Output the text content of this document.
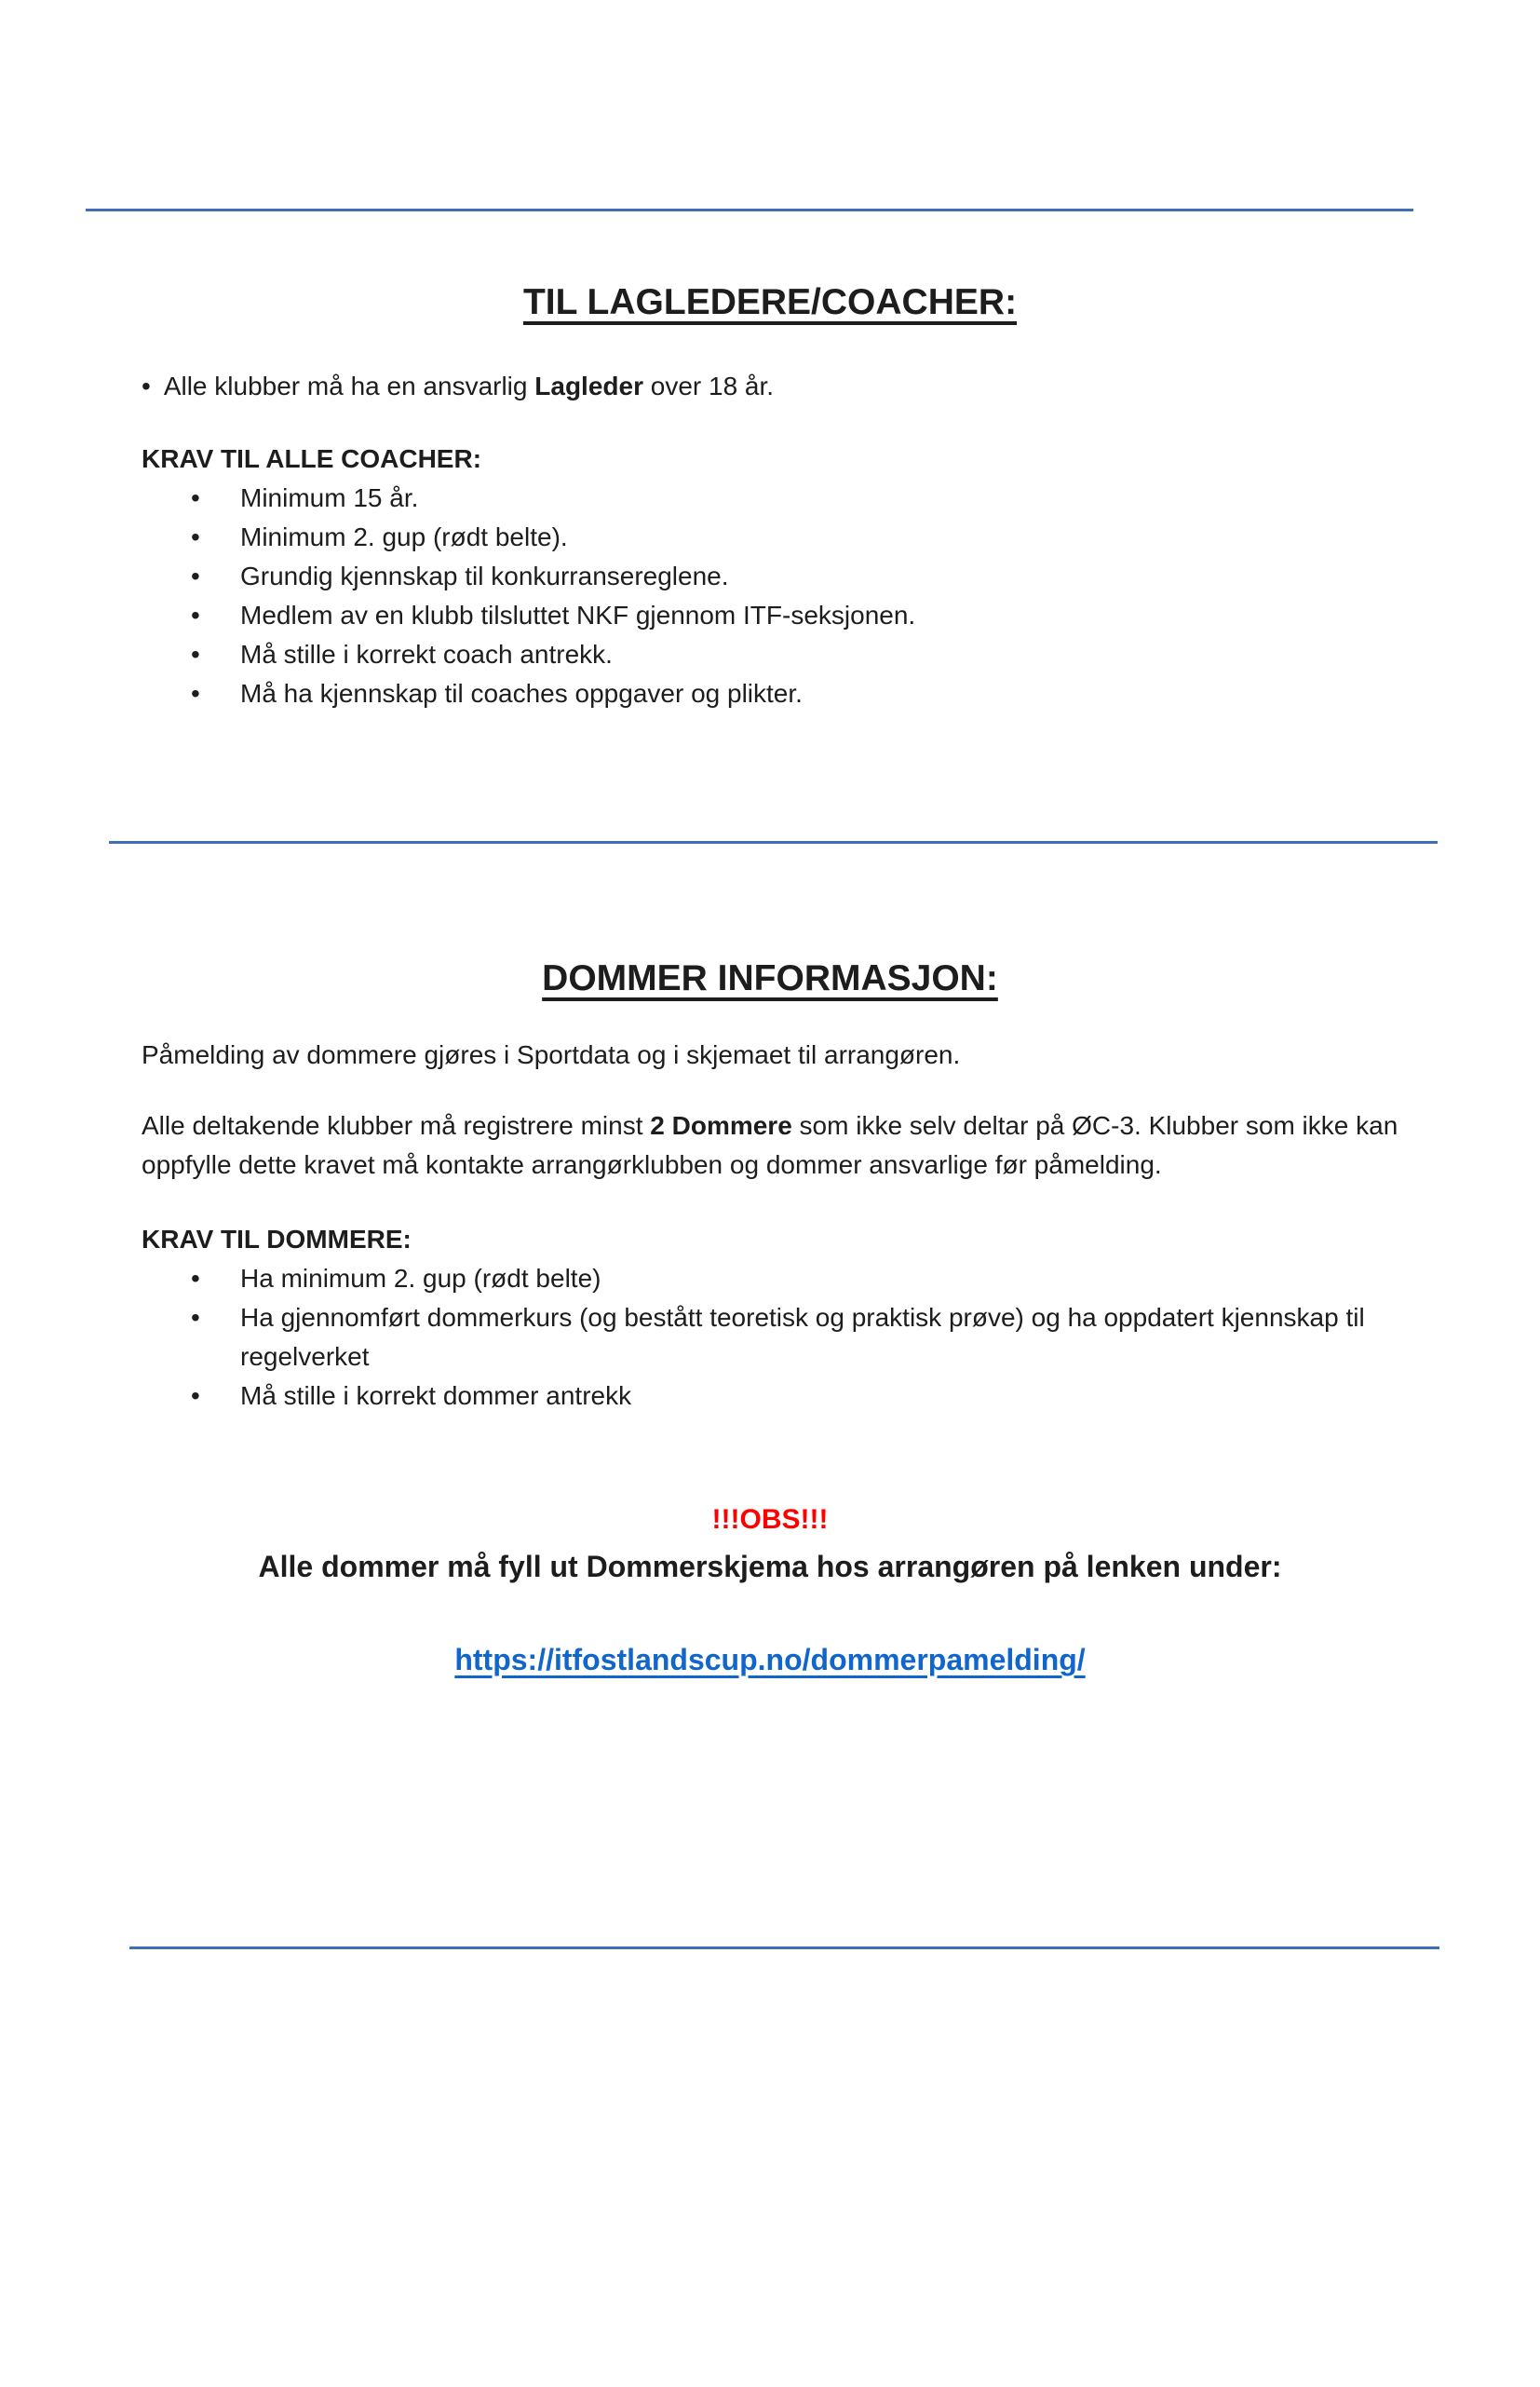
TIL LAGLEDERE/COACHER:

• Alle klubber må ha en ansvarlig Lagleder over 18 år.

KRAV TIL ALLE COACHER:
•	Minimum 15 år.
•	Minimum 2. gup (rødt belte).
•	Grundig kjennskap til konkurransereglene.
•	Medlem av en klubb tilsluttet NKF gjennom ITF-seksjonen.
•	Må stille i korrekt coach antrekk.
•	Må ha kjennskap til coaches oppgaver og plikter.
DOMMER INFORMASJON:

Påmelding av dommere gjøres i Sportdata og i skjemaet til arrangøren.

Alle deltakende klubber må registrere minst 2 Dommere som ikke selv deltar på ØC-3. Klubber som ikke kan oppfylle dette kravet må kontakte arrangørklubben og dommer ansvarlige før påmelding.

KRAV TIL DOMMERE:
•	Ha minimum 2. gup (rødt belte)
•	Ha gjennomført dommerkurs (og bestått teoretisk og praktisk prøve) og ha oppdatert kjennskap til regelverket
•	Må stille i korrekt dommer antrekk
!!!OBS!!!
Alle dommer må fyll ut Dommerskjema hos arrangøren på lenken under:
https://itfostlandscup.no/dommerpamelding/
